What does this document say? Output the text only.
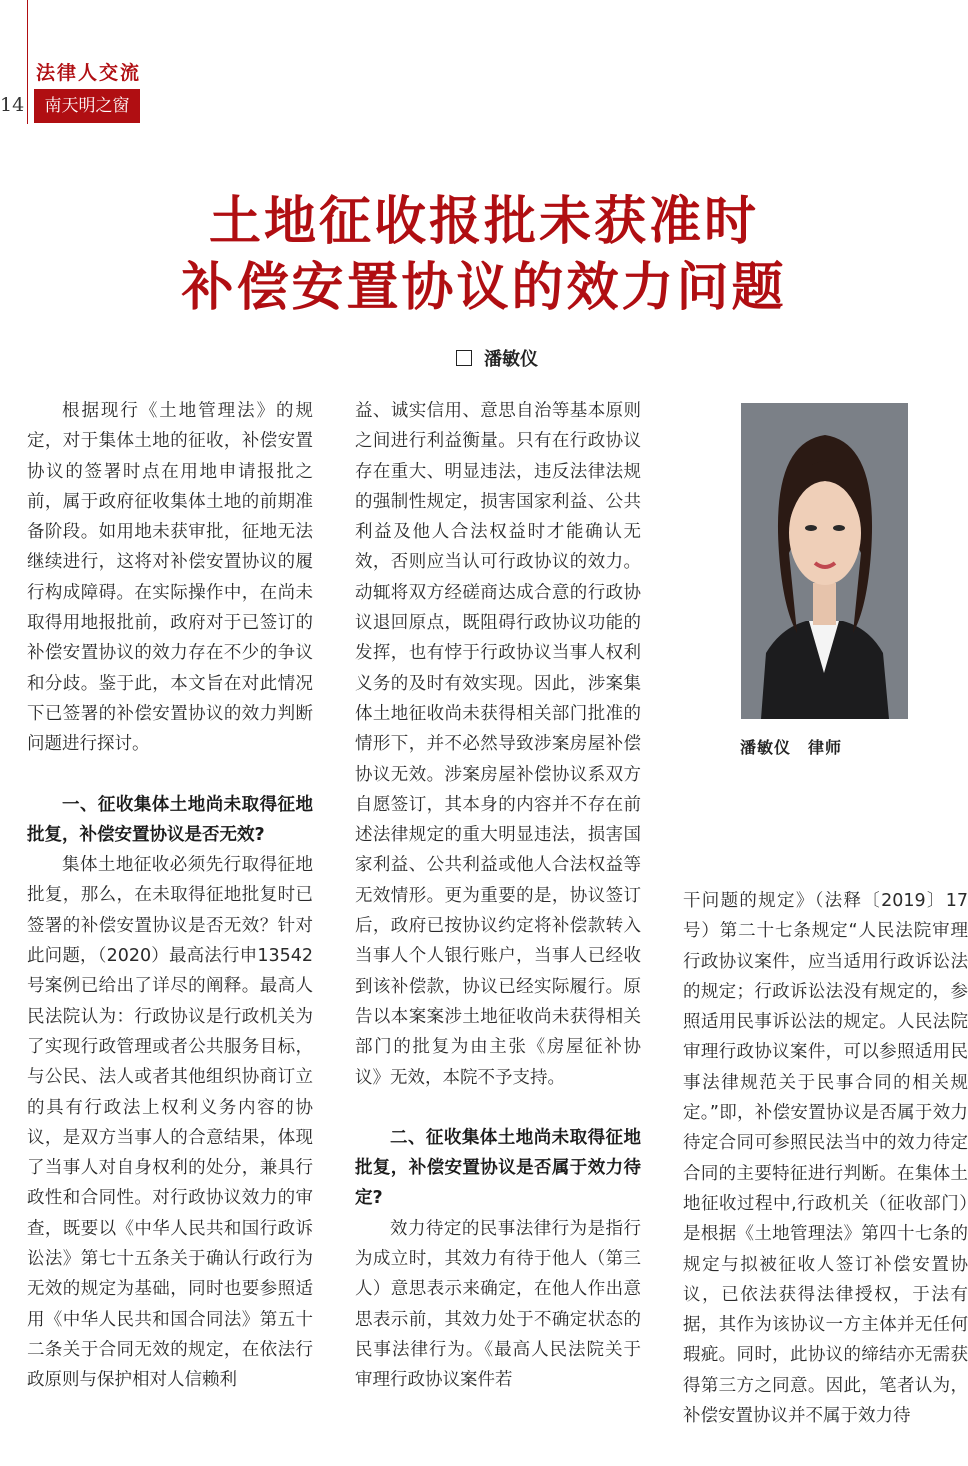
法律人交流
14	南天明之窗
土地征收报批未获准时
补偿安置协议的效力问题
潘敏仪

根据现行《土地管理法》的规定，对于集体土地的征收，补偿安置协议的签署时点在用地申请报批之前，属于政府征收集体土地的前期准备阶段。如用地未获审批，征地无法继续进行，这将对补偿安置协议的履行构成障碍。在实际操作中，在尚未取得用地报批前，政府对于已签订的补偿安置协议的效力存在不少的争议和分歧。鉴于此，本文旨在对此情况下已签署的补偿安置协议的效力判断问题进行探讨。

一、征收集体土地尚未取得征地批复，补偿安置协议是否无效?

集体土地征收必须先行取得征地批复，那么，在未取得征地批复时已签署的补偿安置协议是否无效？针对此问题，（2020）最高法行申13542号案例已给出了详尽的阐释。最高人民法院认为：行政协议是行政机关为了实现行政管理或者公共服务目标，与公民、法人或者其他组织协商订立的具有行政法上权利义务内容的协议，是双方当事人的合意结果，体现了当事人对自身权利的处分，兼具行政性和合同性。对行政协议效力的审查，既要以《中华人民共和国行政诉讼法》第七十五条关于确认行政行为无效的规定为基础，同时也要参照适用《中华人民共和国合同法》第五十二条关于合同无效的规定，在依法行政原则与保护相对人信赖利

益、诚实信用、意思自治等基本原则之间进行利益衡量。只有在行政协议存在重大、明显违法，违反法律法规的强制性规定，损害国家利益、公共利益及他人合法权益时才能确认无效，否则应当认可行政协议的效力。动辄将双方经磋商达成合意的行政协议退回原点，既阻碍行政协议功能的发挥，也有悖于行政协议当事人权利义务的及时有效实现。因此，涉案集体土地征收尚未获得相关部门批准的情形下，并不必然导致涉案房屋补偿协议无效。涉案房屋补偿协议系双方自愿签订，其本身的内容并不存在前述法律规定的重大明显违法，损害国家利益、公共利益或他人合法权益等无效情形。更为重要的是，协议签订后，政府已按协议约定将补偿款转入当事人个人银行账户，当事人已经收到该补偿款，协议已经实际履行。原告以本案案涉土地征收尚未获得相关部门的批复为由主张《房屋征补协议》无效，本院不予支持。

二、征收集体土地尚未取得征地批复，补偿安置协议是否属于效力待定?

效力待定的民事法律行为是指行为成立时，其效力有待于他人（第三人）意思表示来确定，在他人作出意思表示前，其效力处于不确定状态的民事法律行为。《最高人民法院关于审理行政协议案件若

干问题的规定》（法释〔2019〕17号）第二十七条规定“人民法院审理行政协议案件，应当适用行政诉讼法的规定；行政诉讼法没有规定的，参照适用民事诉讼法的规定。人民法院审理行政协议案件，可以参照适用民事法律规范关于民事合同的相关规定。”即，补偿安置协议是否属于效力待定合同可参照民法当中的效力待定合同的主要特征进行判断。在集体土地征收过程中,行政机关（征收部门）是根据《土地管理法》第四十七条的规定与拟被征收人签订补偿安置协议，已依法获得法律授权，于法有据，其作为该协议一方主体并无任何瑕疵。同时，此协议的缔结亦无需获得第三方之同意。因此，笔者认为，补偿安置协议并不属于效力待

潘敏仪　律师
